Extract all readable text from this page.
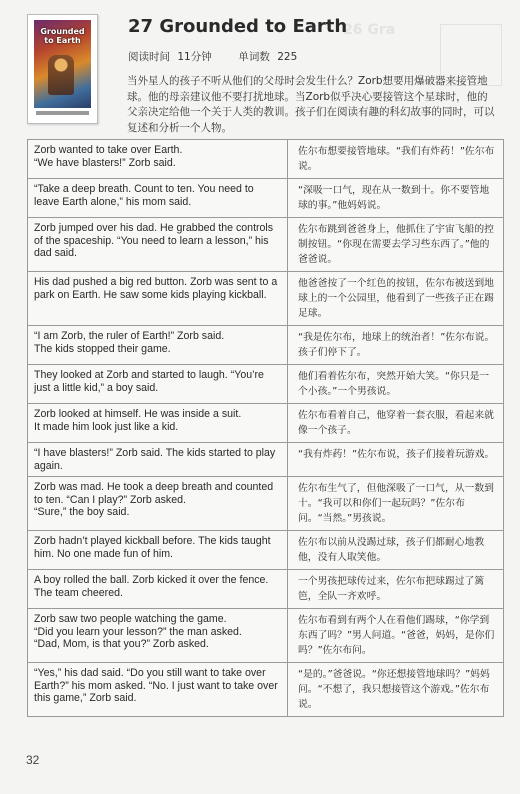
Grounded to Earth
26 Gra
27 Grounded to Earth
阅读时间 11分钟	单词数 225
当外星人的孩子不听从他们的父母时会发生什么？Zorb想要用爆破器来接管地球。他的母亲建议他不要打扰地球。当Zorb似乎决心要接管这个星球时，他的父亲决定给他一个关于人类的教训。孩子们在阅读有趣的科幻故事的同时，可以复述和分析一个人物。
Zorb wanted to take over Earth.
“We have blasters!” Zorb said.	佐尔布想要接管地球。“我们有炸药！”佐尔布说。
“Take a deep breath. Count to ten. You need to leave Earth alone,” his mom said.	“深吸一口气，现在从一数到十。你不要管地球的事。”他妈妈说。
Zorb jumped over his dad. He grabbed the controls of the spaceship. “You need to learn a lesson,” his dad said.	佐尔布跳到爸爸身上，他抓住了宇宙飞船的控制按钮。“你现在需要去学习些东西了。”他的爸爸说。
His dad pushed a big red button. Zorb was sent to a park on Earth. He saw some kids playing kickball.	他爸爸按了一个红色的按钮，佐尔布被送到地球上的一个公园里，他看到了一些孩子正在踢足球。
“I am Zorb, the ruler of Earth!” Zorb said.
The kids stopped their game.	“我是佐尔布，地球上的统治者！”佐尔布说。孩子们停下了。
They looked at Zorb and started to laugh. “You’re just a little kid,” a boy said.	他们看着佐尔布，突然开始大笑。“你只是一个小孩。”一个男孩说。
Zorb looked at himself. He was inside a suit.
It made him look just like a kid.	佐尔布看着自己，他穿着一套衣服，看起来就像一个孩子。
“I have blasters!” Zorb said. The kids started to play again.	“我有炸药！”佐尔布说，孩子们接着玩游戏。
Zorb was mad. He took a deep breath and counted to ten. “Can I play?” Zorb asked.
“Sure,” the boy said.	佐尔布生气了，但他深吸了一口气，从一数到十。“我可以和你们一起玩吗？”佐尔布问。“当然。”男孩说。
Zorb hadn’t played kickball before. The kids taught him. No one made fun of him.	佐尔布以前从没踢过球，孩子们都耐心地教他，没有人取笑他。
A boy rolled the ball. Zorb kicked it over the fence. The team cheered.	一个男孩把球传过来，佐尔布把球踢过了篱笆，全队一齐欢呼。
Zorb saw two people watching the game.
“Did you learn your lesson?” the man asked.
“Dad, Mom, is that you?” Zorb asked.	佐尔布看到有两个人在看他们踢球，“你学到东西了吗？”男人问道。“爸爸，妈妈，是你们吗？”佐尔布问。
“Yes,” his dad said. “Do you still want to take over Earth?” his mom asked. “No. I just want to take over this game,” Zorb said.	“是的。”爸爸说。“你还想接管地球吗？”妈妈问。“不想了，我只想接管这个游戏。”佐尔布说。
32
